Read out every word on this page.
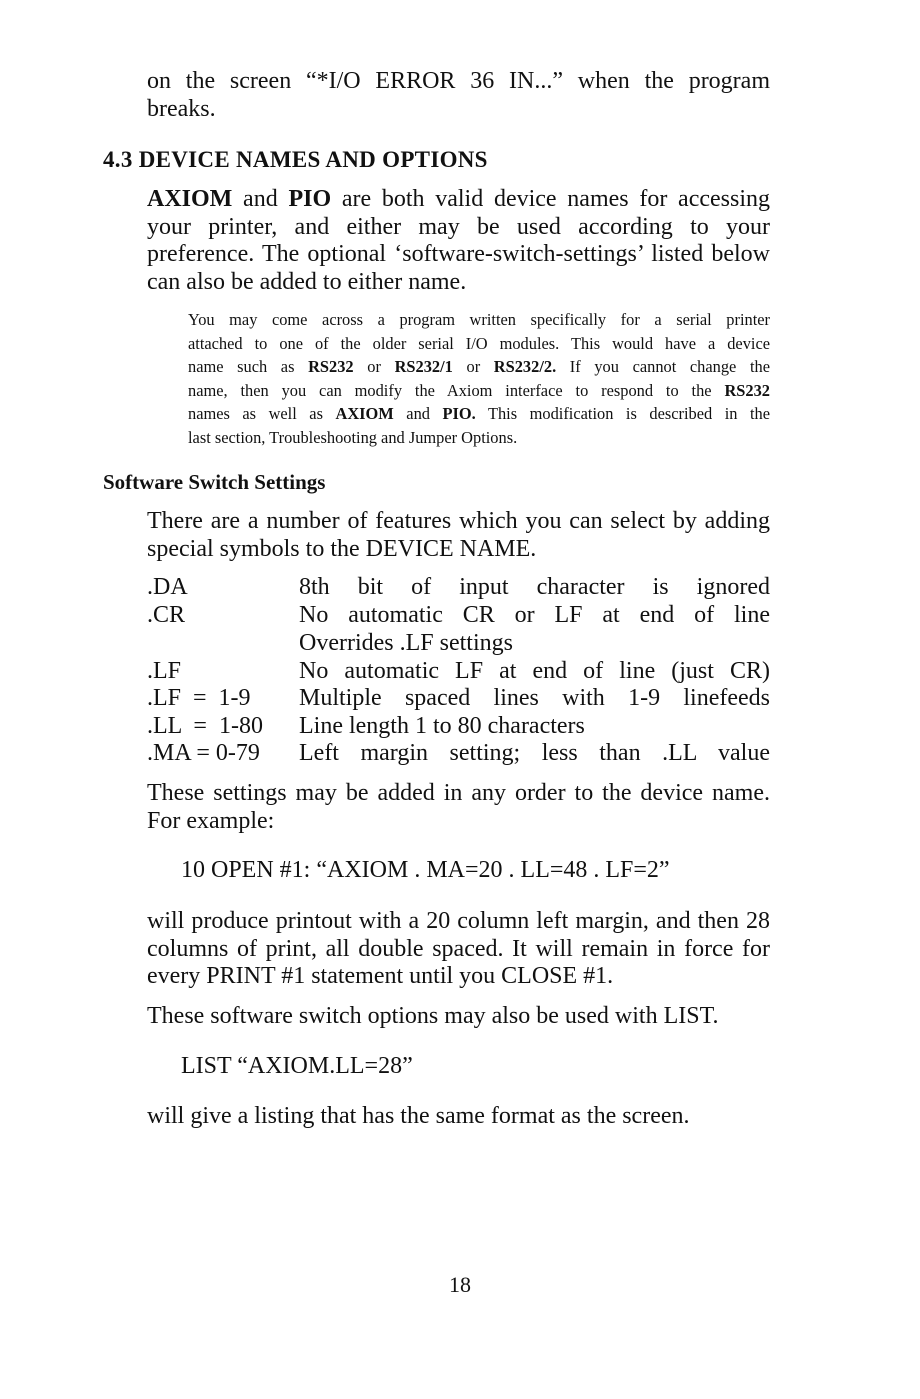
on the screen “*I/O ERROR 36 IN...” when the program
breaks.
4.3 DEVICE NAMES AND OPTIONS
AXIOM and PIO are both valid device names for accessing
your printer, and either may be used according to your
preference. The optional ‘software-switch-settings’ listed below
can also be added to either name.
You may come across a program written specifically for a serial printer
attached to one of the older serial I/O modules. This would have a device
name such as RS232 or RS232/1 or RS232/2. If you cannot change the
name, then you can modify the Axiom interface to respond to the RS232
names as well as AXIOM and PIO. This modification is described in the
last section, Troubleshooting and Jumper Options.
Software Switch Settings
There are a number of features which you can select by adding
special symbols to the DEVICE NAME.
.DA	8th bit of input character is ignored
.CR	No automatic CR or LF at end of line
Overrides .LF settings
.LF	No automatic LF at end of line (just CR)
.LF  =  1-9 Multiple spaced lines with 1-9 linefeeds
.LL  =  1-80 Line length 1 to 80 characters
.MA = 0-79 Left margin setting; less than .LL value
These settings may be added in any order to the device name.
For example:
10 OPEN #1: “AXIOM . MA=20 . LL=48 . LF=2”
will produce printout with a 20 column left margin, and then 28
columns of print, all double spaced. It will remain in force for
every PRINT #1 statement until you CLOSE #1.
These software switch options may also be used with LIST.
LIST “AXIOM.LL=28”
will give a listing that has the same format as the screen.
18
